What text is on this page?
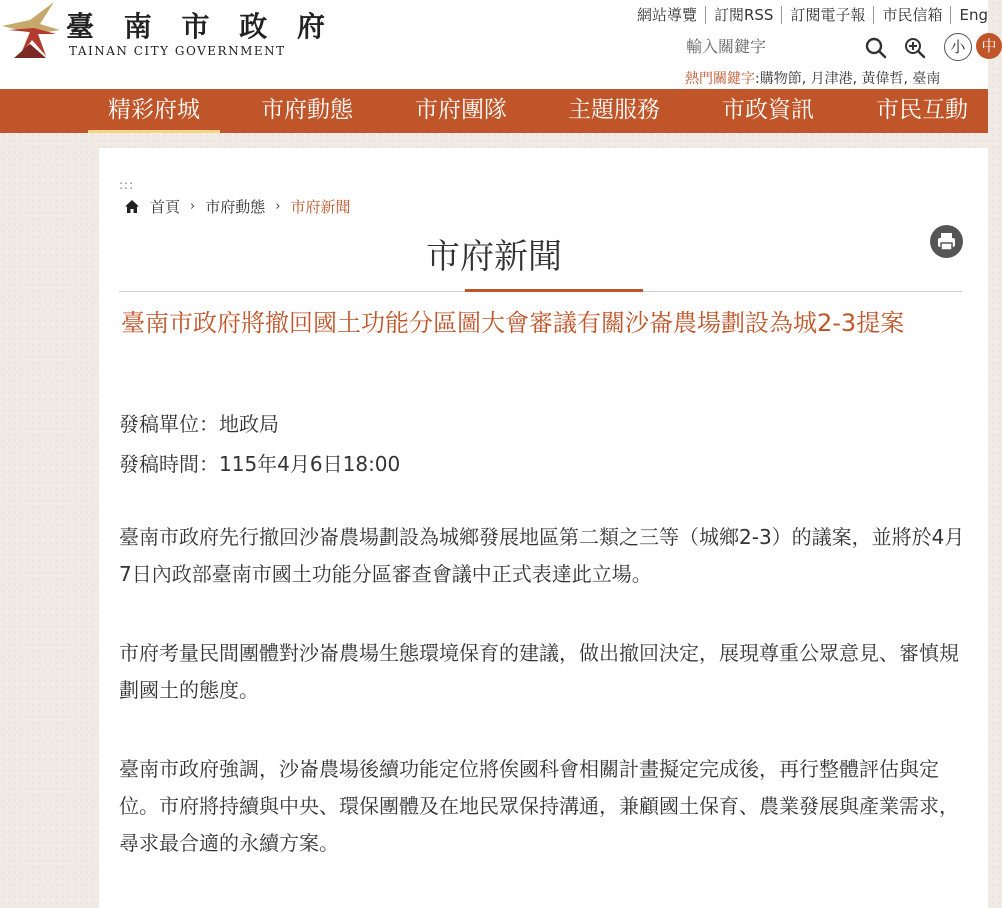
臺 南 市 政 府
TAINAN CITY GOVERNMENT
網站導覽	訂閱RSS	訂閱電子報	市民信箱	Eng
輸入關鍵字
小	中
熱門關鍵字:購物節, 月津港, 黃偉哲, 臺南
精彩府城	市府動態	市府團隊	主題服務	市政資訊	市民互動
:::
首頁 › 市府動態 › 市府新聞
市府新聞
臺南市政府將撤回國土功能分區圖大會審議有關沙崙農場劃設為城2-3提案
發稿單位：地政局
發稿時間：115年4月6日18:00

臺南市政府先行撤回沙崙農場劃設為城鄉發展地區第二類之三等（城鄉2-3）的議案，並將於4月7日內政部臺南市國土功能分區審查會議中正式表達此立場。

市府考量民間團體對沙崙農場生態環境保育的建議，做出撤回決定，展現尊重公眾意見、審慎規劃國土的態度。

臺南市政府強調，沙崙農場後續功能定位將俟國科會相關計畫擬定完成後，再行整體評估與定位。市府將持續與中央、環保團體及在地民眾保持溝通，兼顧國土保育、農業發展與產業需求，尋求最合適的永續方案。
